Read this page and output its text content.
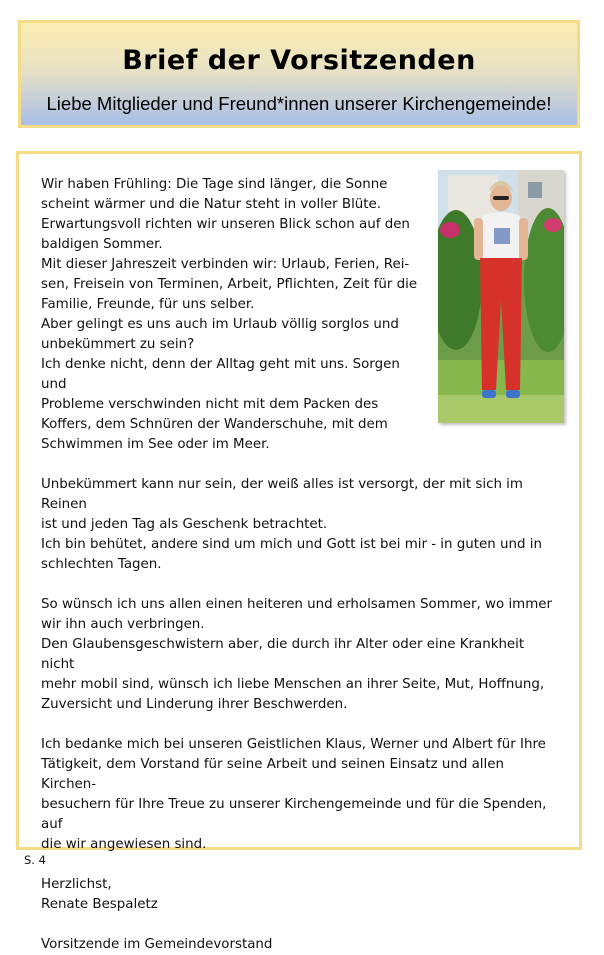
Brief der Vorsitzenden
Liebe Mitglieder und Freund*innen unserer Kirchengemeinde!

Wir haben Frühling: Die Tage sind länger, die Sonne

scheint wärmer und die Natur steht in voller Blüte.

Erwartungsvoll richten wir unseren Blick schon auf den

baldigen Sommer.

Mit dieser Jahreszeit verbinden wir: Urlaub, Ferien, Rei-

sen, Freisein von Terminen, Arbeit, Pflichten, Zeit für die

Familie, Freunde, für uns selber.

Aber gelingt es uns auch im Urlaub völlig sorglos und

unbekümmert zu sein?

Ich denke nicht, denn der Alltag geht mit uns. Sorgen und

Probleme verschwinden nicht mit dem Packen des

Koffers, dem Schnüren der Wanderschuhe, mit dem

Schwimmen im See oder im Meer.

Unbekümmert kann nur sein, der weiß alles ist versorgt, der mit sich im Reinen

ist und jeden Tag als Geschenk betrachtet.

Ich bin behütet, andere sind um mich und Gott ist bei mir - in guten und in

schlechten Tagen.

So wünsch ich uns allen einen heiteren und erholsamen Sommer, wo immer

wir ihn auch verbringen.

Den Glaubensgeschwistern aber, die durch ihr Alter oder eine Krankheit nicht

mehr mobil sind, wünsch ich liebe Menschen an ihrer Seite, Mut, Hoffnung,

Zuversicht und Linderung ihrer Beschwerden.

Ich bedanke mich bei unseren Geistlichen Klaus, Werner und Albert für Ihre

Tätigkeit, dem Vorstand für seine Arbeit und seinen Einsatz und allen Kirchen-

besuchern für Ihre Treue zu unserer Kirchengemeinde und für die Spenden, auf

die wir angewiesen sind.

Herzlichst,

Renate Bespaletz

Vorsitzende im Gemeindevorstand

S. 4
